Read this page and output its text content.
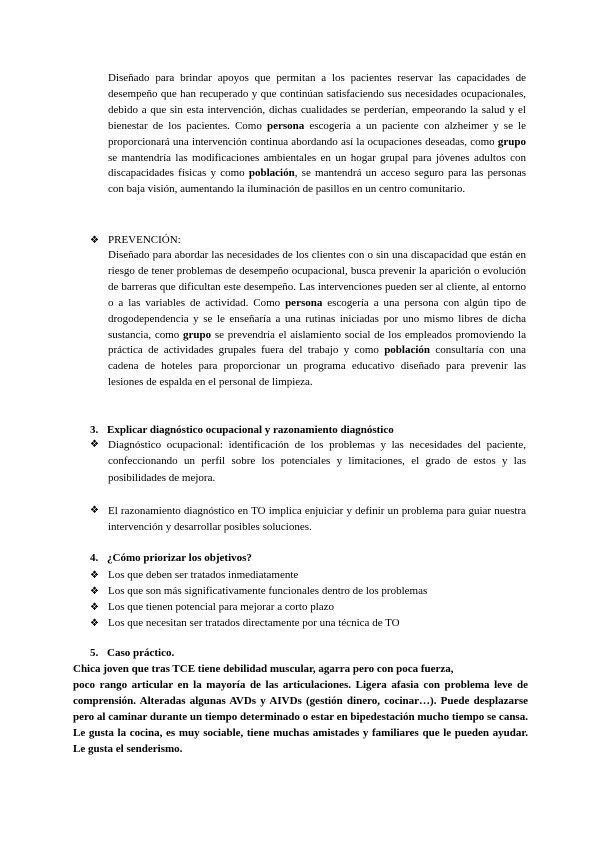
Diseñado para brindar apoyos que permitan a los pacientes reservar las capacidades de desempeño que han recuperado y que continúan satisfaciendo sus necesidades ocupacionales, debido a que sin esta intervención, dichas cualidades se perderían, empeorando la salud y el bienestar de los pacientes. Como persona escogería a un paciente con alzheimer y se le proporcionará una intervención continua abordando así la ocupaciones deseadas, como grupo se mantendría las modificaciones ambientales en un hogar grupal para jóvenes adultos con discapacidades físicas y como población, se mantendrá un acceso seguro para las personas con baja visión, aumentando la iluminación de pasillos en un centro comunitario.
❖ PREVENCIÓN:
Diseñado para abordar las necesidades de los clientes con o sin una discapacidad que están en riesgo de tener problemas de desempeño ocupacional, busca prevenir la aparición o evolución de barreras que dificultan este desempeño. Las intervenciones pueden ser al cliente, al entorno o a las variables de actividad. Como persona escogería a una persona con algún tipo de drogodependencia y se le enseñaría a una rutinas iniciadas por uno mismo libres de dicha sustancia, como grupo se prevendría el aislamiento social de los empleados promoviendo la práctica de actividades grupales fuera del trabajo y como población consultaría con una cadena de hoteles para proporcionar un programa educativo diseñado para prevenir las lesiones de espalda en el personal de limpieza.
3. Explicar diagnóstico ocupacional y razonamiento diagnóstico
❖ Diagnóstico ocupacional: identificación de los problemas y las necesidades del paciente, confeccionando un perfil sobre los potenciales y limitaciones, el grado de estos y las posibilidades de mejora.
❖ El razonamiento diagnóstico en TO implica enjuiciar y definir un problema para guiar nuestra intervención y desarrollar posibles soluciones.
4. ¿Cómo priorizar los objetivos?
❖ Los que deben ser tratados inmediatamente
❖ Los que son más significativamente funcionales dentro de los problemas
❖ Los que tienen potencial para mejorar a corto plazo
❖ Los que necesitan ser tratados directamente por una técnica de TO
5. Caso práctico.
Chica joven que tras TCE tiene debilidad muscular, agarra pero con poca fuerza,
poco rango articular en la mayoría de las articulaciones. Ligera afasia con problema leve de comprensión. Alteradas algunas AVDs y AIVDs (gestión dinero, cocinar…). Puede desplazarse pero al caminar durante un tiempo determinado o estar en bipedestación mucho tiempo se cansa.
Le gusta la cocina, es muy sociable, tiene muchas amistades y familiares que le pueden ayudar. Le gusta el senderismo.
